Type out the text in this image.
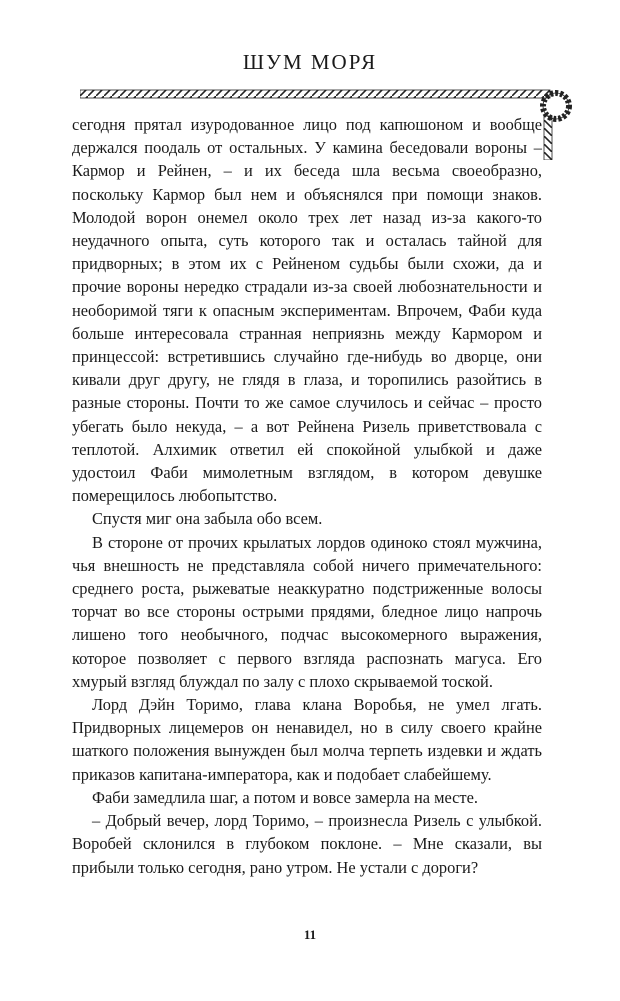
ШУМ МОРЯ

сегодня прятал изуродованное лицо под капюшоном и вообще держался поодаль от остальных. У камина беседовали вороны – Кармор и Рейнен, – и их беседа шла весьма своеобразно, поскольку Кармор был нем и объяснялся при помощи знаков. Молодой ворон онемел около трех лет назад из-за какого-то неудачного опыта, суть которого так и осталась тайной для придворных; в этом их с Рейненом судьбы были схожи, да и прочие вороны нередко страдали из-за своей любознательности и необоримой тяги к опасным экспериментам. Впрочем, Фаби куда больше интересовала странная неприязнь между Кармором и принцессой: встретившись случайно где-нибудь во дворце, они кивали друг другу, не глядя в глаза, и торопились разойтись в разные стороны. Почти то же самое случилось и сейчас – просто убегать было некуда, – а вот Рейнена Ризель приветствовала с теплотой. Алхимик ответил ей спокойной улыбкой и даже удостоил Фаби мимолетным взглядом, в котором девушке померещилось любопытство.

Спустя миг она забыла обо всем.

В стороне от прочих крылатых лордов одиноко стоял мужчина, чья внешность не представляла собой ничего примечательного: среднего роста, рыжеватые неаккуратно подстриженные волосы торчат во все стороны острыми прядями, бледное лицо напрочь лишено того необычного, подчас высокомерного выражения, которое позволяет с первого взгляда распознать магуса. Его хмурый взгляд блуждал по залу с плохо скрываемой тоской.

Лорд Дэйн Торимо, глава клана Воробья, не умел лгать. Придворных лицемеров он ненавидел, но в силу своего крайне шаткого положения вынужден был молча терпеть издевки и ждать приказов капитана-императора, как и подобает слабейшему.

Фаби замедлила шаг, а потом и вовсе замерла на месте.

– Добрый вечер, лорд Торимо, – произнесла Ризель с улыбкой. Воробей склонился в глубоком поклоне. – Мне сказали, вы прибыли только сегодня, рано утром. Не устали с дороги?

11
